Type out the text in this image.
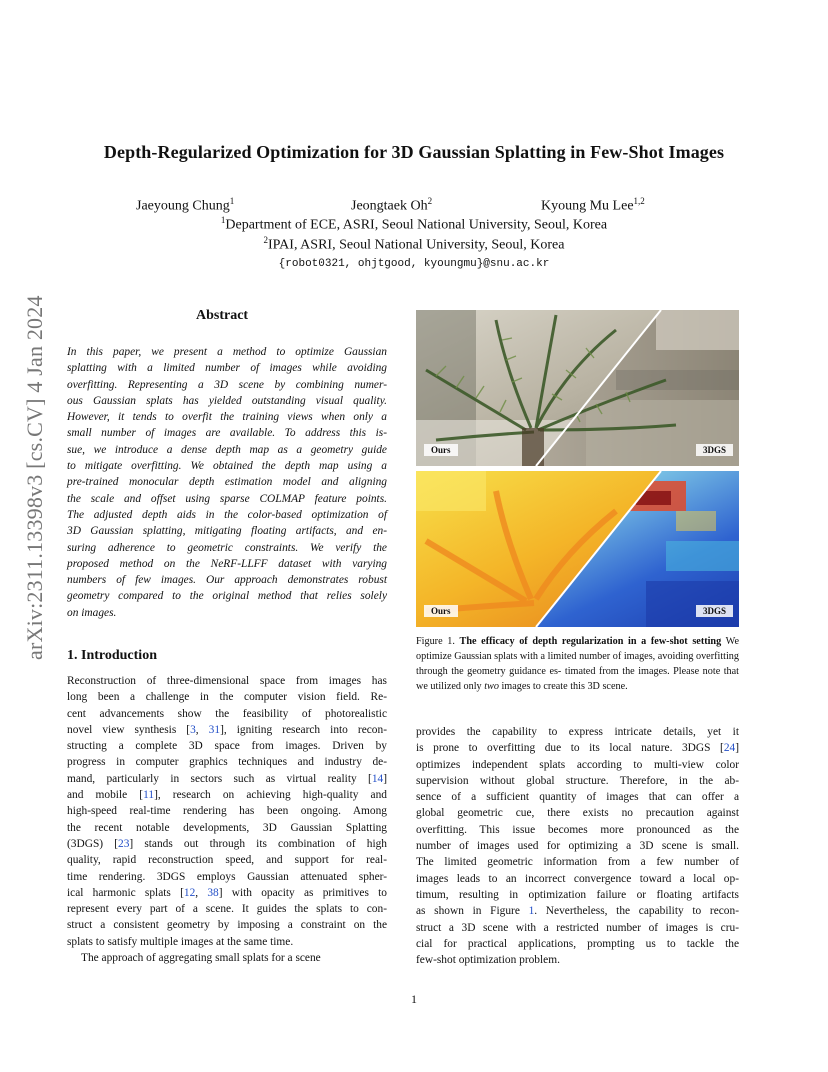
Depth-Regularized Optimization for 3D Gaussian Splatting in Few-Shot Images
Jaeyoung Chung$^1$	Jeongtaek Oh$^2$	Kyoung Mu Lee$^{1,2}$
$^1$Department of ECE, ASRI, Seoul National University, Seoul, Korea
$^2$IPAI, ASRI, Seoul National University, Seoul, Korea
{robot0321, ohjtgood, kyoungmu}@snu.ac.kr
arXiv:2311.13398v3 [cs.CV] 4 Jan 2024	Abstract
In this paper, we present a method to optimize Gaussian
splatting with a limited number of images while avoiding
overfitting. Representing a 3D scene by combining numer-
ous Gaussian splats has yielded outstanding visual quality.
However, it tends to overfit the training views when only a
small number of images are available. To address this is-
sue, we introduce a dense depth map as a geometry guide
to mitigate overfitting. We obtained the depth map using a
pre-trained monocular depth estimation model and aligning
the scale and offset using sparse COLMAP feature points.
The adjusted depth aids in the color-based optimization of
3D Gaussian splatting, mitigating floating artifacts, and en-
suring adherence to geometric constraints. We verify the
proposed method on the NeRF-LLFF dataset with varying
numbers of few images. Our approach demonstrates robust
geometry compared to the original method that relies solely
on images.
1. Introduction
Reconstruction of three-dimensional space from images has
long been a challenge in the computer vision field. Re-
cent advancements show the feasibility of photorealistic
novel view synthesis [3, 31], igniting research into recon-
structing a complete 3D space from images. Driven by
progress in computer graphics techniques and industry de-
mand, particularly in sectors such as virtual reality [14]
and mobile [11], research on achieving high-quality and
high-speed real-time rendering has been ongoing. Among
the recent notable developments, 3D Gaussian Splatting
(3DGS) [23] stands out through its combination of high
quality, rapid reconstruction speed, and support for real-
time rendering. 3DGS employs Gaussian attenuated spher-
ical harmonic splats [12, 38] with opacity as primitives to
represent every part of a scene. It guides the splats to con-
struct a consistent geometry by imposing a constraint on the
splats to satisfy multiple images at the same time.
The approach of aggregating small splats for a scene
Ours	3DGS
Ours	3DGS
Figure 1. The efficacy of depth regularization in a few-shot setting We optimize Gaussian splats with a limited number of images, avoiding overfitting through the geometry guidance es- timated from the images. Please note that we utilized only two images to create this 3D scene.
provides the capability to express intricate details, yet it
is prone to overfitting due to its local nature. 3DGS [24]
optimizes independent splats according to multi-view color
supervision without global structure. Therefore, in the ab-
sence of a sufficient quantity of images that can offer a
global geometric cue, there exists no precaution against
overfitting. This issue becomes more pronounced as the
number of images used for optimizing a 3D scene is small.
The limited geometric information from a few number of
images leads to an incorrect convergence toward a local op-
timum, resulting in optimization failure or floating artifacts
as shown in Figure 1. Nevertheless, the capability to recon-
struct a 3D scene with a restricted number of images is cru-
cial for practical applications, prompting us to tackle the
few-shot optimization problem.
1
